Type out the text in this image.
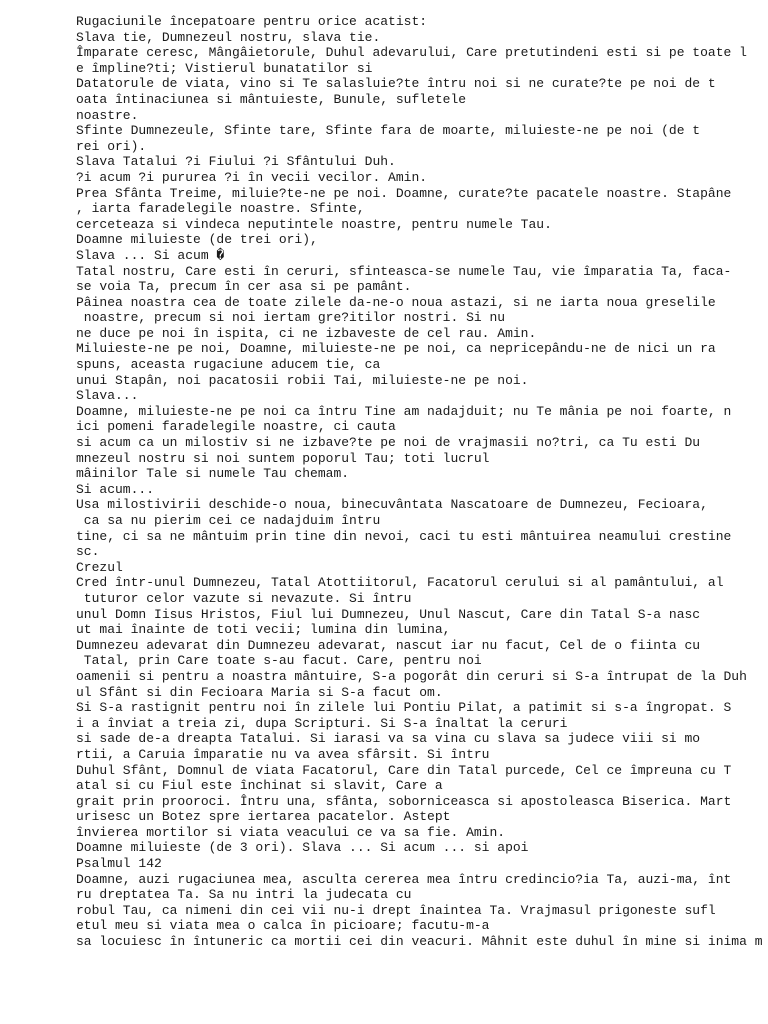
Rugaciunile începatoare pentru orice acatist:
Slava tie, Dumnezeul nostru, slava tie.
Împarate ceresc, Mângâietorule, Duhul adevarului, Care pretutindeni esti si pe toate l
e împline?ti; Vistierul bunatatilor si
Datatorule de viata, vino si Te salasluie?te întru noi si ne curate?te pe noi de t
oata întinaciunea si mântuieste, Bunule, sufletele
noastre.
Sfinte Dumnezeule, Sfinte tare, Sfinte fara de moarte, miluieste-ne pe noi (de t
rei ori).
Slava Tatalui ?i Fiului ?i Sfântului Duh.
?i acum ?i pururea ?i în vecii vecilor. Amin.
Prea Sfânta Treime, miluie?te-ne pe noi. Doamne, curate?te pacatele noastre. Stapâne
, iarta faradelegile noastre. Sfinte,
cerceteaza si vindeca neputintele noastre, pentru numele Tau.
Doamne miluieste (de trei ori),
Slava ... Si acum �
Tatal nostru, Care esti în ceruri, sfinteasca-se numele Tau, vie împaratia Ta, faca-
se voia Ta, precum în cer asa si pe pamânt.
Pâinea noastra cea de toate zilele da-ne-o noua astazi, si ne iarta noua greselile
noastre, precum si noi iertam gre?itilor nostri. Si nu
ne duce pe noi în ispita, ci ne izbaveste de cel rau. Amin.
Miluieste-ne pe noi, Doamne, miluieste-ne pe noi, ca nepricepându-ne de nici un ra
spuns, aceasta rugaciune aducem tie, ca
unui Stapân, noi pacatosii robii Tai, miluieste-ne pe noi.
Slava...
Doamne, miluieste-ne pe noi ca întru Tine am nadajduit; nu Te mânia pe noi foarte, n
ici pomeni faradelegile noastre, ci cauta
si acum ca un milostiv si ne izbave?te pe noi de vrajmasii no?tri, ca Tu esti Du
mnezeul nostru si noi suntem poporul Tau; toti lucrul
mâinilor Tale si numele Tau chemam.
Si acum...
Usa milostivirii deschide-o noua, binecuvântata Nascatoare de Dumnezeu, Fecioara,
ca sa nu pierim cei ce nadajduim întru
tine, ci sa ne mântuim prin tine din nevoi, caci tu esti mântuirea neamului crestine
sc.
Crezul
Cred într-unul Dumnezeu, Tatal Atottiitorul, Facatorul cerului si al pamântului, al
tuturor celor vazute si nevazute. Si întru
unul Domn Iisus Hristos, Fiul lui Dumnezeu, Unul Nascut, Care din Tatal S-a nasc
ut mai înainte de toti vecii; lumina din lumina,
Dumnezeu adevarat din Dumnezeu adevarat, nascut iar nu facut, Cel de o fiinta cu
Tatal, prin Care toate s-au facut. Care, pentru noi
oamenii si pentru a noastra mântuire, S-a pogorât din ceruri si S-a întrupat de la Duh
ul Sfânt si din Fecioara Maria si S-a facut om.
Si S-a rastignit pentru noi în zilele lui Pontiu Pilat, a patimit si s-a îngropat. S
i a înviat a treia zi, dupa Scripturi. Si S-a înaltat la ceruri
si sade de-a dreapta Tatalui. Si iarasi va sa vina cu slava sa judece viii si mo
rtii, a Caruia împaratie nu va avea sfârsit. Si întru
Duhul Sfânt, Domnul de viata Facatorul, Care din Tatal purcede, Cel ce împreuna cu T
atal si cu Fiul este închinat si slavit, Care a
grait prin prooroci. Întru una, sfânta, soborniceasca si apostoleasca Biserica. Mart
urisesc un Botez spre iertarea pacatelor. Astept
învierea mortilor si viata veacului ce va sa fie. Amin.
Doamne miluieste (de 3 ori). Slava ... Si acum ... si apoi
Psalmul 142
Doamne, auzi rugaciunea mea, asculta cererea mea întru credincio?ia Ta, auzi-ma, înt
ru dreptatea Ta. Sa nu intri la judecata cu
robul Tau, ca nimeni din cei vii nu-i drept înaintea Ta. Vrajmasul prigoneste sufl
etul meu si viata mea o calca în picioare; facutu-m-a
sa locuiesc în întuneric ca mortii cei din veacuri. Mâhnit este duhul în mine si inima m
